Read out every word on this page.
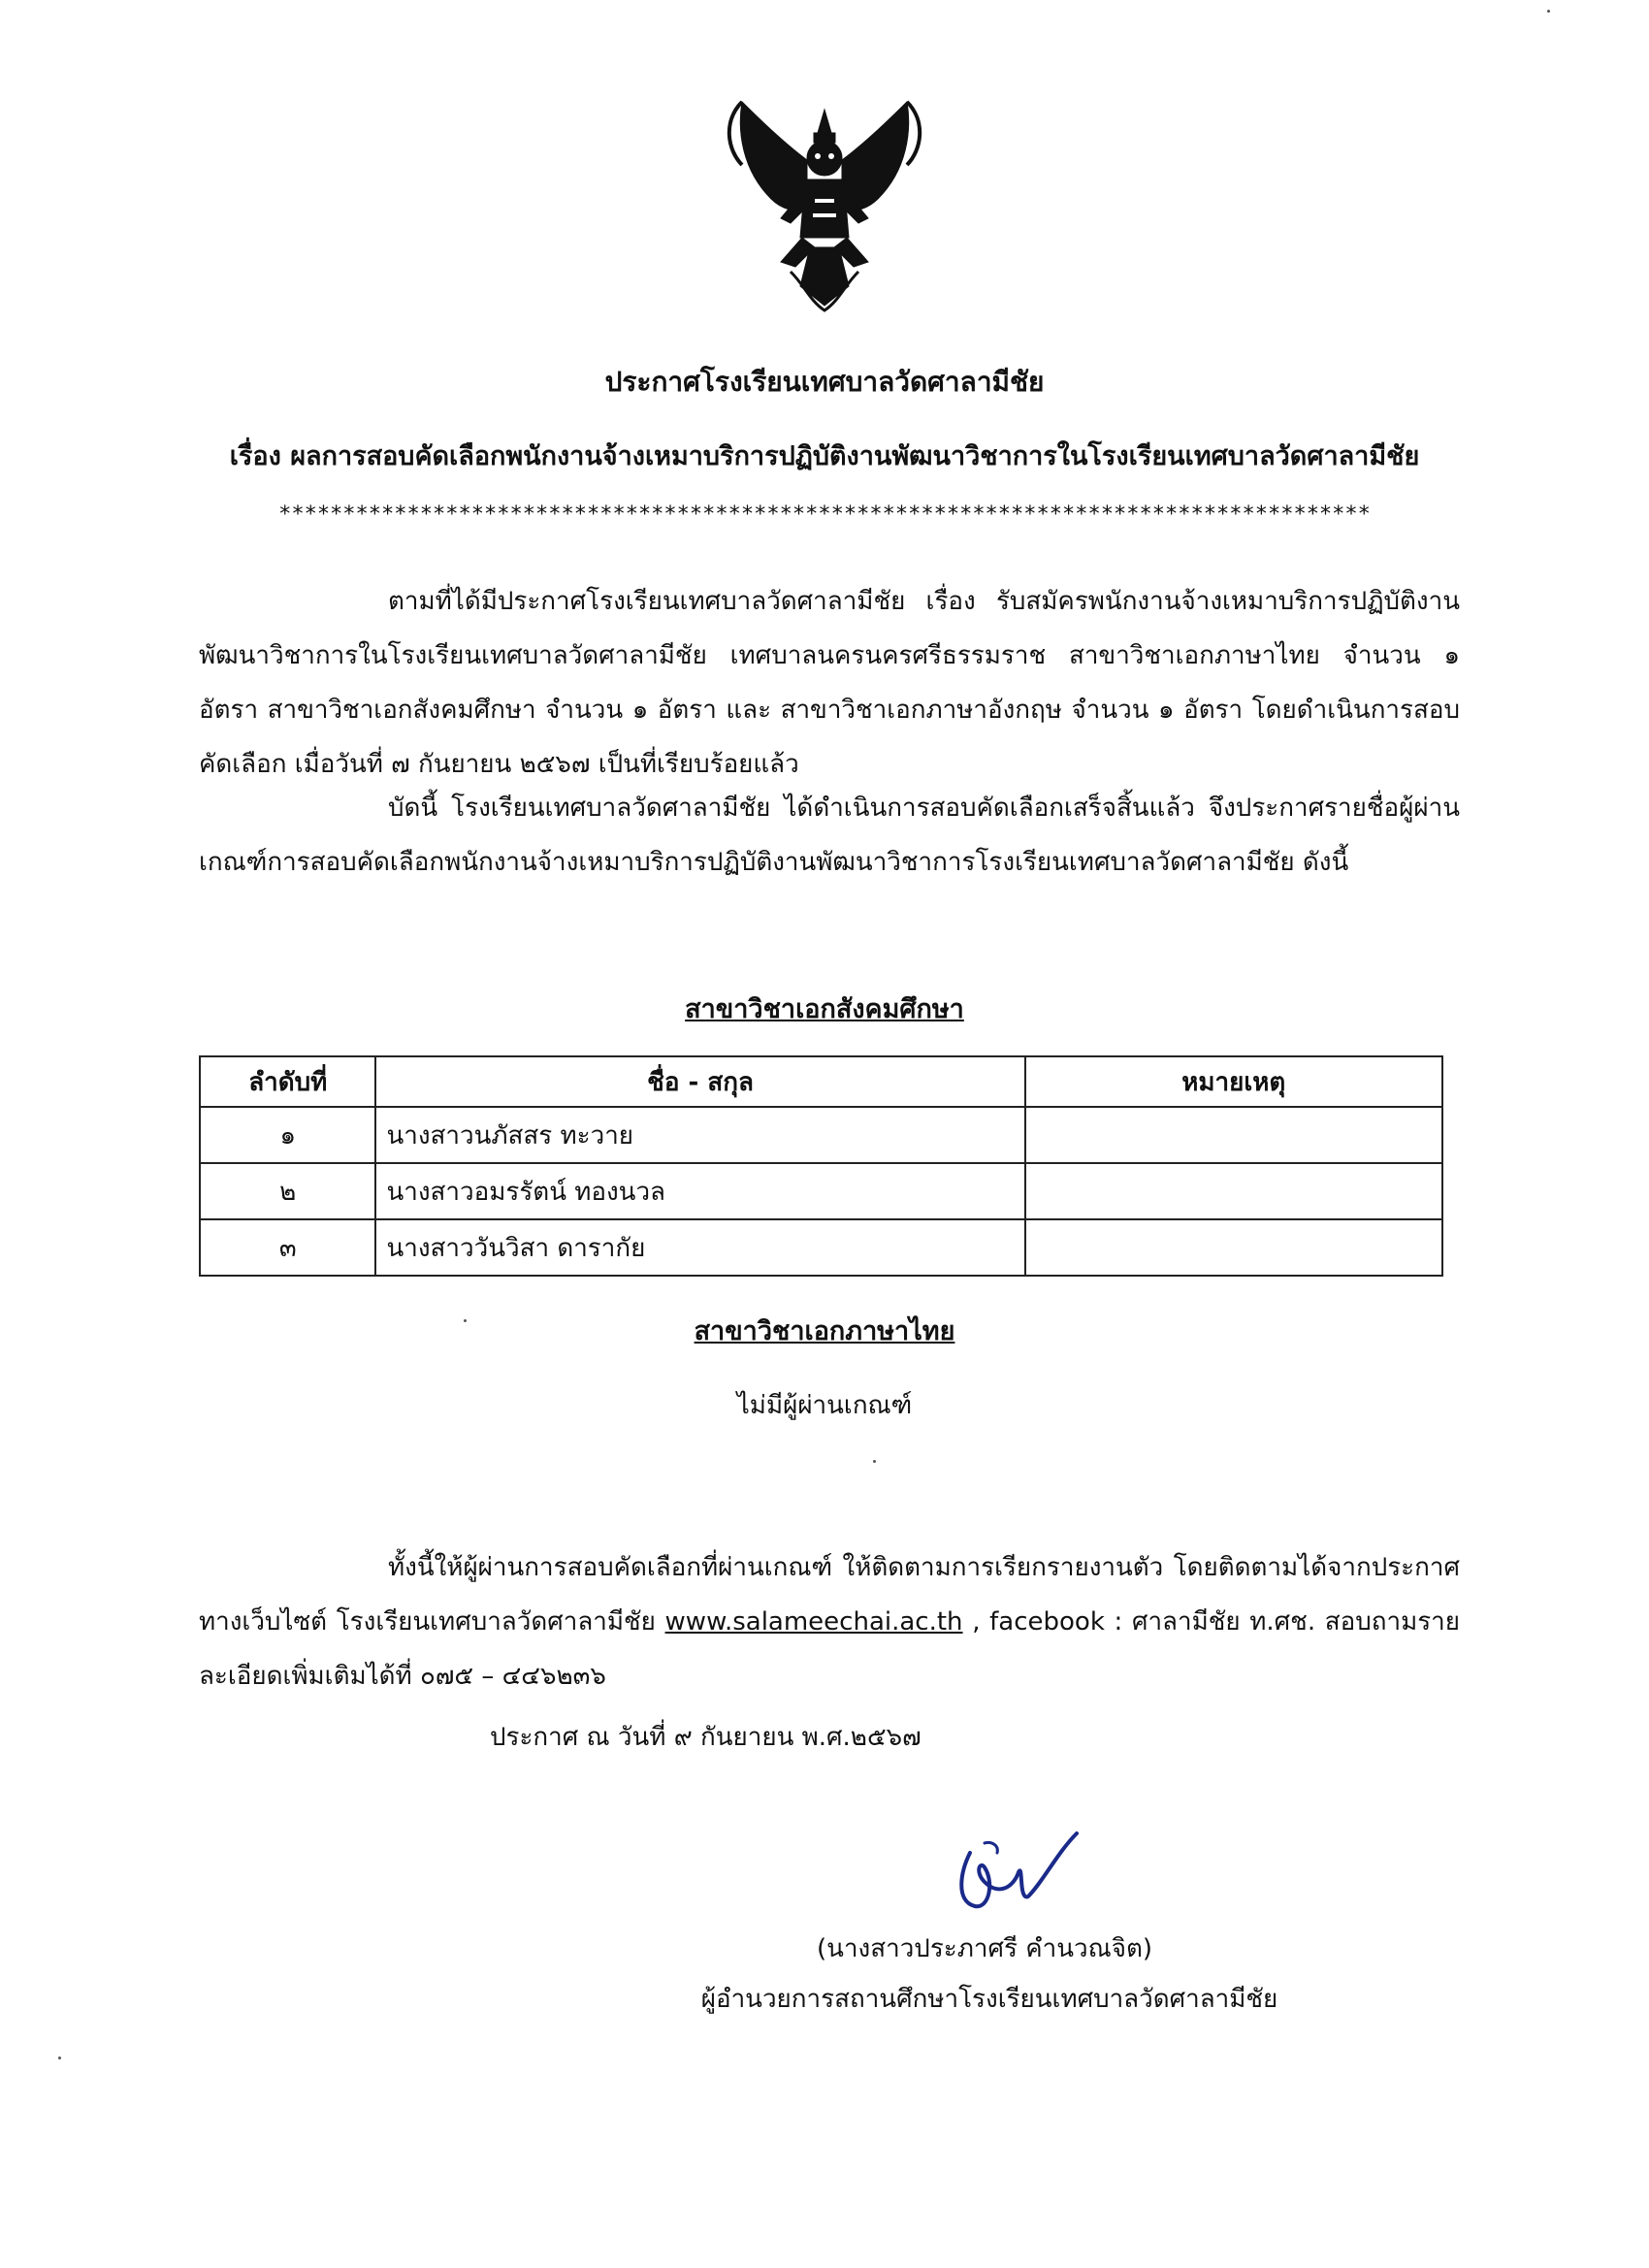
ประกาศโรงเรียนเทศบาลวัดศาลามีชัย
เรื่อง ผลการสอบคัดเลือกพนักงานจ้างเหมาบริการปฏิบัติงานพัฒนาวิชาการในโรงเรียนเทศบาลวัดศาลามีชัย
*************************************************************************************

ตามที่ได้มีประกาศโรงเรียนเทศบาลวัดศาลามีชัย เรื่อง รับสมัครพนักงานจ้างเหมาบริการปฏิบัติงานพัฒนาวิชาการในโรงเรียนเทศบาลวัดศาลามีชัย เทศบาลนครนครศรีธรรมราช สาขาวิชาเอกภาษาไทย จำนวน ๑ อัตรา สาขาวิชาเอกสังคมศึกษา จำนวน ๑ อัตรา และ สาขาวิชาเอกภาษาอังกฤษ จำนวน ๑ อัตรา โดยดำเนินการสอบคัดเลือก เมื่อวันที่ ๗ กันยายน ๒๕๖๗ เป็นที่เรียบร้อยแล้ว

บัดนี้ โรงเรียนเทศบาลวัดศาลามีชัย ได้ดำเนินการสอบคัดเลือกเสร็จสิ้นแล้ว จึงประกาศรายชื่อผู้ผ่านเกณฑ์การสอบคัดเลือกพนักงานจ้างเหมาบริการปฏิบัติงานพัฒนาวิชาการโรงเรียนเทศบาลวัดศาลามีชัย ดังนี้

สาขาวิชาเอกสังคมศึกษา
ลำดับที่	ชื่อ - สกุล	หมายเหตุ
๑	นางสาวนภัสสร ทะวาย	
๒	นางสาวอมรรัตน์ ทองนวล	
๓	นางสาววันวิสา ดารากัย	
สาขาวิชาเอกภาษาไทย
ไม่มีผู้ผ่านเกณฑ์

ทั้งนี้ให้ผู้ผ่านการสอบคัดเลือกที่ผ่านเกณฑ์ ให้ติดตามการเรียกรายงานตัว โดยติดตามได้จากประกาศทางเว็บไซต์ โรงเรียนเทศบาลวัดศาลามีชัย www.salameechai.ac.th , facebook : ศาลามีชัย ท.ศช. สอบถามรายละเอียดเพิ่มเติมได้ที่ ๐๗๕ – ๔๔๖๒๓๖

ประกาศ ณ วันที่ ๙ กันยายน พ.ศ.๒๕๖๗
(นางสาวประภาศรี คำนวณจิต)
ผู้อำนวยการสถานศึกษาโรงเรียนเทศบาลวัดศาลามีชัย
